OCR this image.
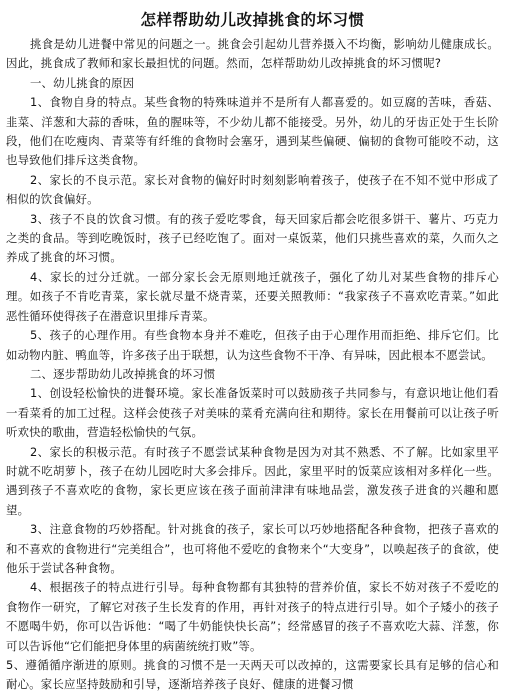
怎样帮助幼儿改掉挑食的坏习惯

挑食是幼儿进餐中常见的问题之一。挑食会引起幼儿营养摄入不均衡，影响幼儿健康成长。因此，挑食成了教师和家长最担忧的问题。然而，怎样帮助幼儿改掉挑食的坏习惯呢?

一、幼儿挑食的原因

1、食物自身的特点。某些食物的特殊味道并不是所有人都喜爱的。如豆腐的苦味，香菇、韭菜、洋葱和大蒜的香味，鱼的腥味等，不少幼儿都不能接受。另外，幼儿的牙齿正处于生长阶段，他们在吃瘦肉、青菜等有纤维的食物时会塞牙，遇到某些偏硬、偏韧的食物可能咬不动，这也导致他们排斥这类食物。

2、家长的不良示范。家长对食物的偏好时时刻刻影响着孩子，使孩子在不知不觉中形成了相似的饮食偏好。

3、孩子不良的饮食习惯。有的孩子爱吃零食，每天回家后都会吃很多饼干、薯片、巧克力之类的食品。等到吃晚饭时，孩子已经吃饱了。面对一桌饭菜，他们只挑些喜欢的菜，久而久之养成了挑食的坏习惯。

4、家长的过分迁就。一部分家长会无原则地迁就孩子，强化了幼儿对某些食物的排斥心理。如孩子不肯吃青菜，家长就尽量不烧青菜，还要关照教师：“我家孩子不喜欢吃青菜。”如此恶性循环使得孩子在潜意识里排斥青菜。

5、孩子的心理作用。有些食物本身并不难吃，但孩子由于心理作用而拒绝、排斥它们。比如动物内脏、鸭血等，许多孩子出于联想，认为这些食物不干净、有异味，因此根本不愿尝试。

二、逐步帮助幼儿改掉挑食的坏习惯

1、创设轻松愉快的进餐环境。家长准备饭菜时可以鼓励孩子共同参与，有意识地让他们看一看菜肴的加工过程。这样会使孩子对美味的菜肴充满向往和期待。家长在用餐前可以让孩子听听欢快的歌曲，营造轻松愉快的气氛。

2、家长的积极示范。有时孩子不愿尝试某种食物是因为对其不熟悉、不了解。比如家里平时就不吃胡萝卜，孩子在幼儿园吃时大多会排斥。因此，家里平时的饭菜应该相对多样化一些。遇到孩子不喜欢吃的食物，家长更应该在孩子面前津津有味地品尝，激发孩子进食的兴趣和愿望。

3、注意食物的巧妙搭配。针对挑食的孩子，家长可以巧妙地搭配各种食物，把孩子喜欢的和不喜欢的食物进行“完美组合”，也可将他不爱吃的食物来个“大变身”，以唤起孩子的食欲，使他乐于尝试各种食物。

4、根据孩子的特点进行引导。每种食物都有其独特的营养价值，家长不妨对孩子不爱吃的食物作一研究，了解它对孩子生长发育的作用，再针对孩子的特点进行引导。如个子矮小的孩子不愿喝牛奶，你可以告诉他：“喝了牛奶能快快长高”；经常感冒的孩子不喜欢吃大蒜、洋葱，你可以告诉他“它们能把身体里的病菌统统打败”等。

5、遵循循序渐进的原则。挑食的习惯不是一天两天可以改掉的，这需要家长具有足够的信心和耐心。家长应坚持鼓励和引导，逐渐培养孩子良好、健康的进餐习惯
